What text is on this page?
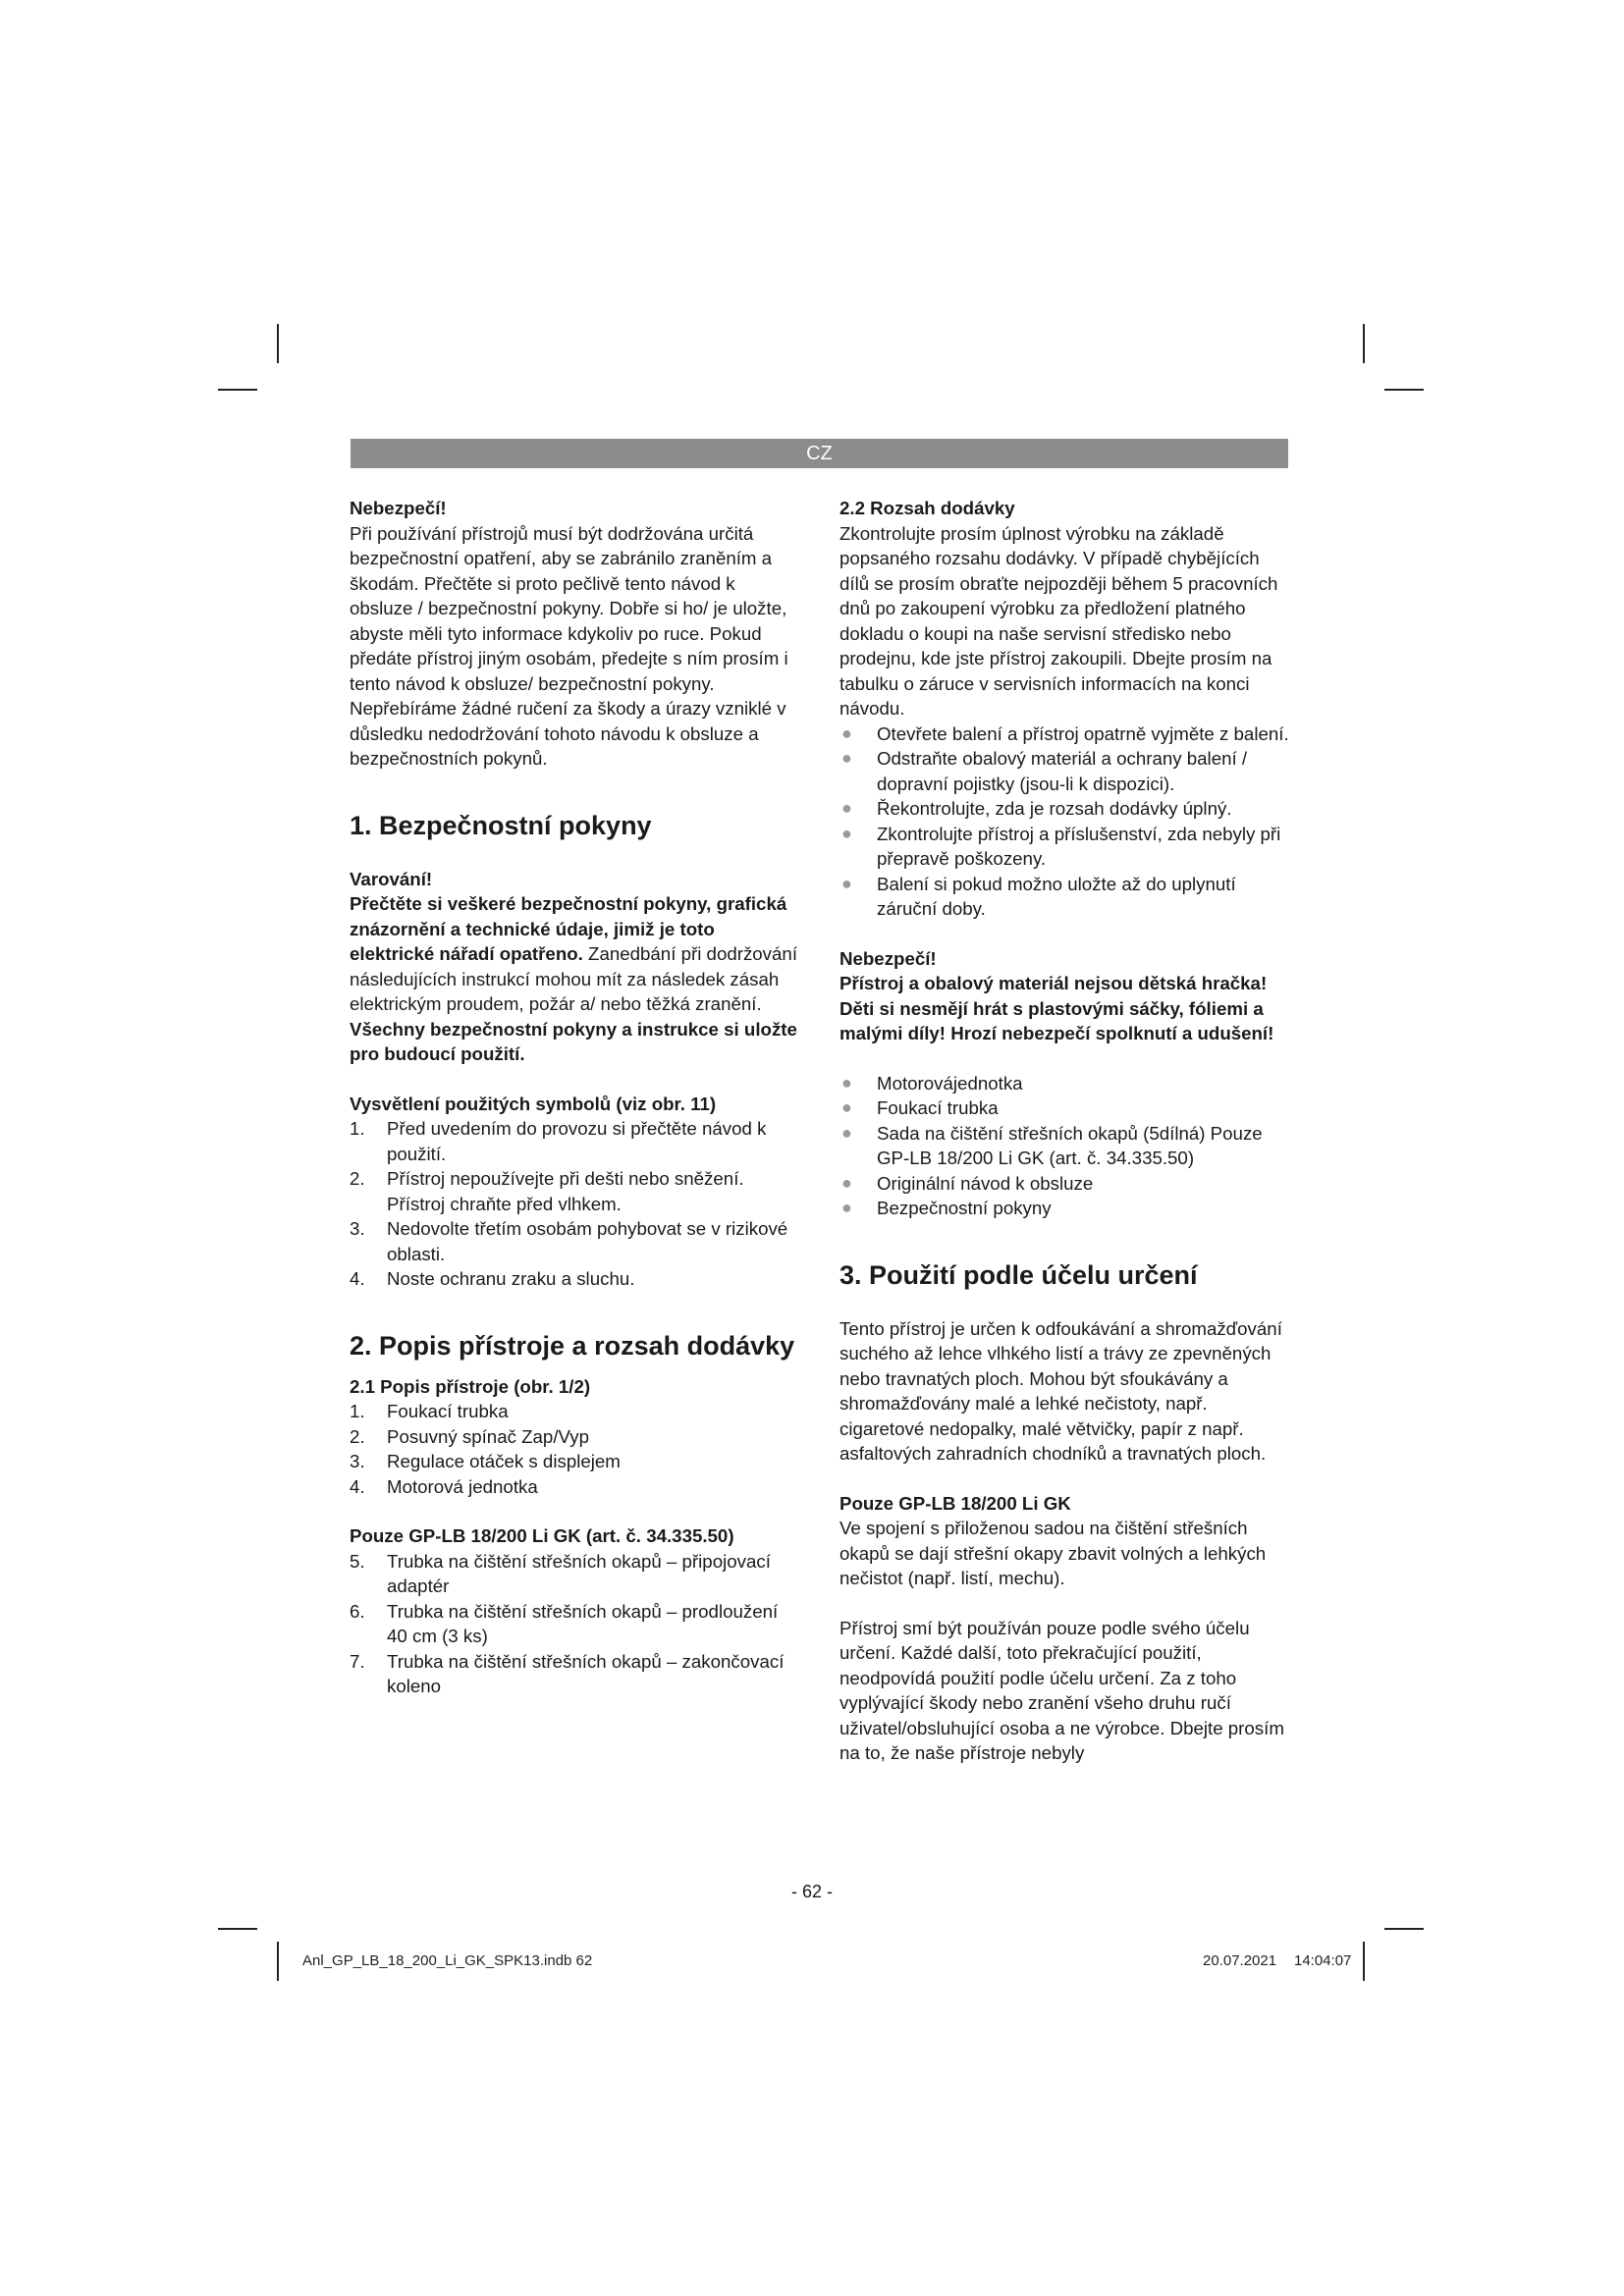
CZ

Nebezpečí!

Při používání přístrojů musí být dodržována určitá bezpečnostní opatření, aby se zabránilo zraněním a škodám. Přečtěte si proto pečlivě tento návod k obsluze / bezpečnostní pokyny. Dobře si ho/ je uložte, abyste měli tyto informace kdykoliv po ruce. Pokud předáte přístroj jiným osobám, předejte s ním prosím i tento návod k obsluze/ bezpečnostní pokyny. Nepřebíráme žádné ručení za škody a úrazy vzniklé v důsledku nedodržování tohoto návodu k obsluze a bezpečnostních pokynů.

1. Bezpečnostní pokyny

Varování!

Přečtěte si veškeré bezpečnostní pokyny, grafická znázornění a technické údaje, jimiž je toto elektrické nářadí opatřeno. Zanedbání při dodržování následujících instrukcí mohou mít za následek zásah elektrickým proudem, požár a/ nebo těžká zranění.

Všechny bezpečnostní pokyny a instrukce si uložte pro budoucí použití.

Vysvětlení použitých symbolů (viz obr. 11)

1. Před uvedením do provozu si přečtěte návod k použití.
2. Přístroj nepoužívejte při dešti nebo sněžení. Přístroj chraňte před vlhkem.
3. Nedovolte třetím osobám pohybovat se v rizikové oblasti.
4. Noste ochranu zraku a sluchu.

2. Popis přístroje a rozsah dodávky

2.1 Popis přístroje (obr. 1/2)

1. Foukací trubka
2. Posuvný spínač Zap/Vyp
3. Regulace otáček s displejem
4. Motorová jednotka

Pouze GP-LB 18/200 Li GK (art. č. 34.335.50)

5. Trubka na čištění střešních okapů – připojovací adaptér
6. Trubka na čištění střešních okapů – prodloužení 40 cm (3 ks)
7. Trubka na čištění střešních okapů – zakončovací koleno

2.2 Rozsah dodávky

Zkontrolujte prosím úplnost výrobku na základě popsaného rozsahu dodávky. V případě chybějících dílů se prosím obraťte nejpozději během 5 pracovních dnů po zakoupení výrobku za předložení platného dokladu o koupi na naše servisní středisko nebo prodejnu, kde jste přístroj zakoupili. Dbejte prosím na tabulku o záruce v servisních informacích na konci návodu.

● Otevřete balení a přístroj opatrně vyjměte z balení.
● Odstraňte obalový materiál a ochrany balení / dopravní pojistky (jsou-li k dispozici).
● Řekontrolujte, zda je rozsah dodávky úplný.
● Zkontrolujte přístroj a příslušenství, zda nebyly při přepravě poškozeny.
● Balení si pokud možno uložte až do uplynutí záruční doby.

Nebezpečí!

Přístroj a obalový materiál nejsou dětská hračka! Děti si nesmějí hrát s plastovými sáčky, fóliemi a malými díly! Hrozí nebezpečí spolknutí a udušení!

● Motorovájednotka
● Foukací trubka
● Sada na čištění střešních okapů (5dílná) Pouze GP-LB 18/200 Li GK (art. č. 34.335.50)
● Originální návod k obsluze
● Bezpečnostní pokyny

3. Použití podle účelu určení

Tento přístroj je určen k odfoukávání a shromažďování suchého až lehce vlhkého listí a trávy ze zpevněných nebo travnatých ploch. Mohou být sfoukávány a shromažďovány malé a lehké nečistoty, např. cigaretové nedopalky, malé větvičky, papír z např. asfaltových zahradních chodníků a travnatých ploch.

Pouze GP-LB 18/200 Li GK

Ve spojení s přiloženou sadou na čištění střešních okapů se dají střešní okapy zbavit volných a lehkých nečistot (např. listí, mechu).

Přístroj smí být používán pouze podle svého účelu určení. Každé další, toto překračující použití, neodpovídá použití podle účelu určení. Za z toho vyplývající škody nebo zranění všeho druhu ručí uživatel/obsluhující osoba a ne výrobce. Dbejte prosím na to, že naše přístroje nebyly

- 62 -
Anl_GP_LB_18_200_Li_GK_SPK13.indb 62	20.07.2021 14:04:07
